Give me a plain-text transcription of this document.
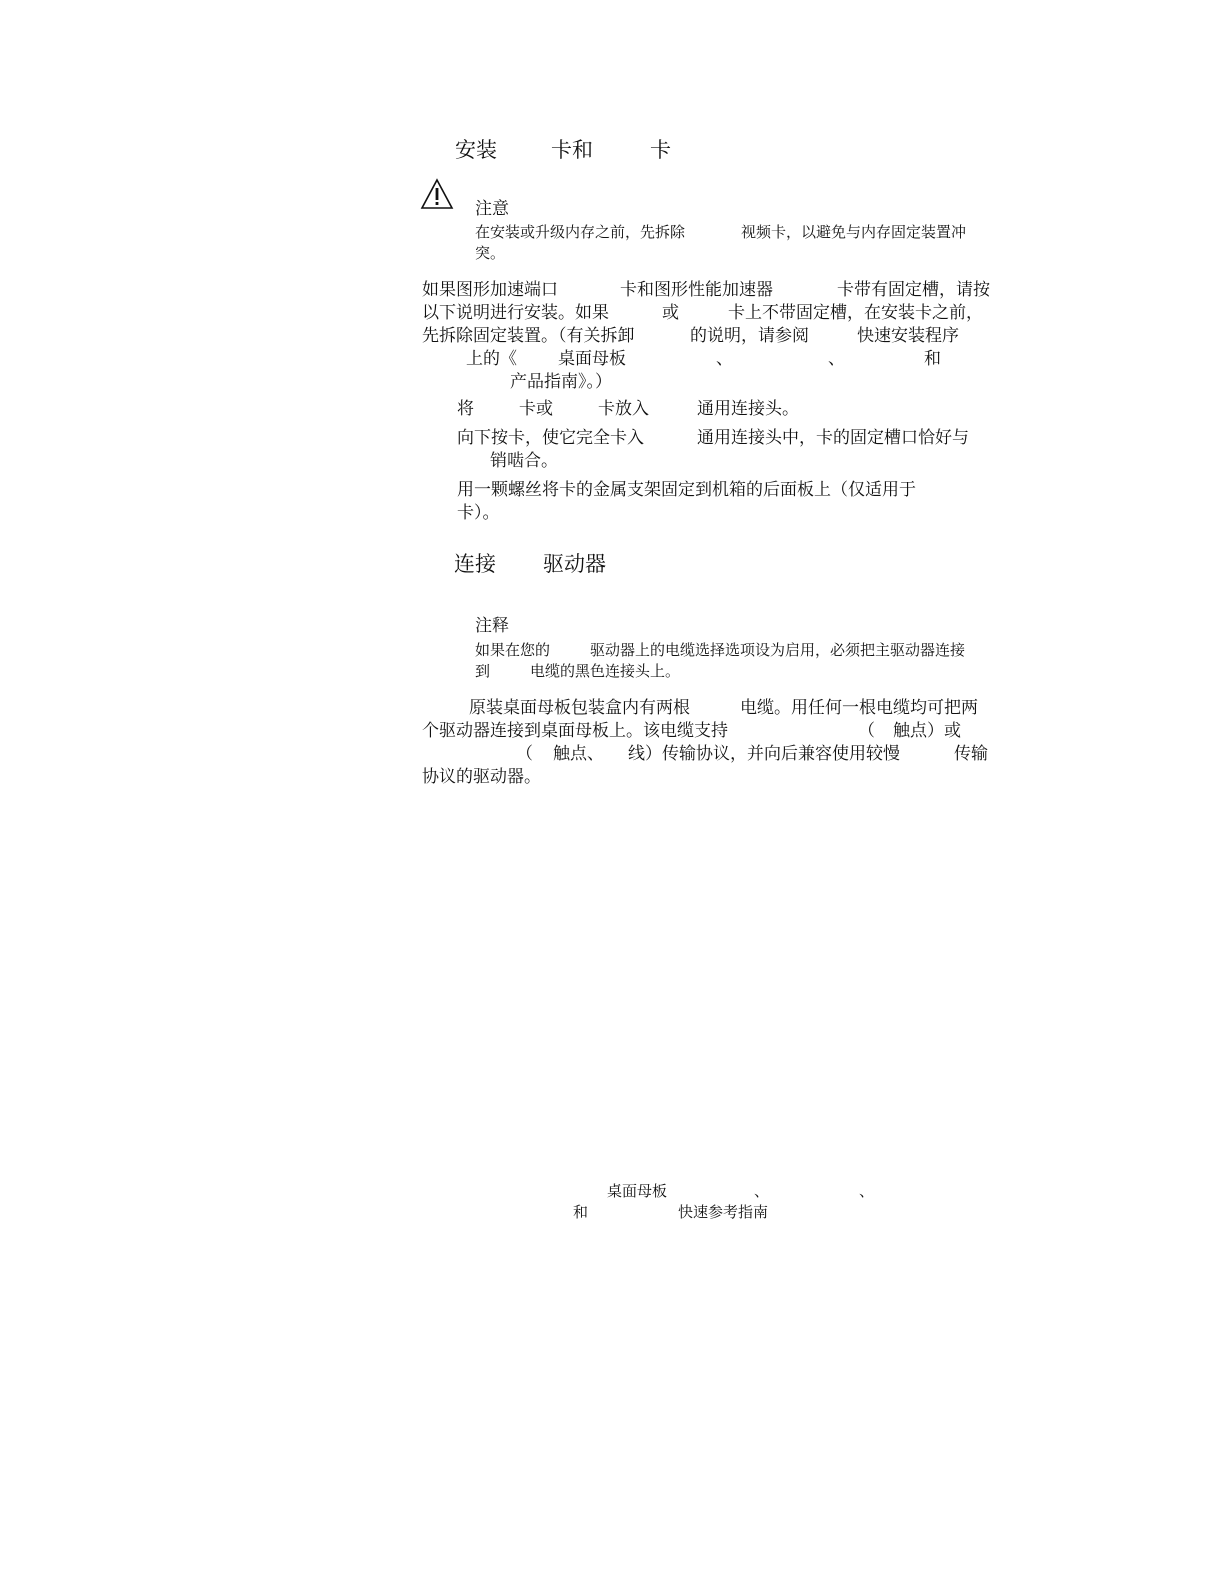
安装	卡和	卡
注意
在安装或升级内存之前，先拆除	视频卡，以避免与内存固定装置冲
突。
如果图形加速端口	卡和图形性能加速器	卡带有固定槽，请按
以下说明进行安装。如果	或	卡上不带固定槽，在安装卡之前，
先拆除固定装置。（有关拆卸	的说明，请参阅	快速安装程序
上的《 桌面母板	、	、	和
产品指南》。）
将	卡或	卡放入	通用连接头。
向下按卡，使它完全卡入	通用连接头中，卡的固定槽口恰好与
销啮合。
用一颗螺丝将卡的金属支架固定到机箱的后面板上（仅适用于
卡）。
连接 驱动器
注释
如果在您的	驱动器上的电缆选择选项设为启用，必须把主驱动器连接
到	电缆的黑色连接头上。
原装桌面母板包装盒内有两根	电缆。用任何一根电缆均可把两
个驱动器连接到桌面母板上。该电缆支持	（ 触点）或
（ 触点、 线）传输协议，并向后兼容使用较慢	传输
协议的驱动器。
桌面母板	、	、
和	快速参考指南
